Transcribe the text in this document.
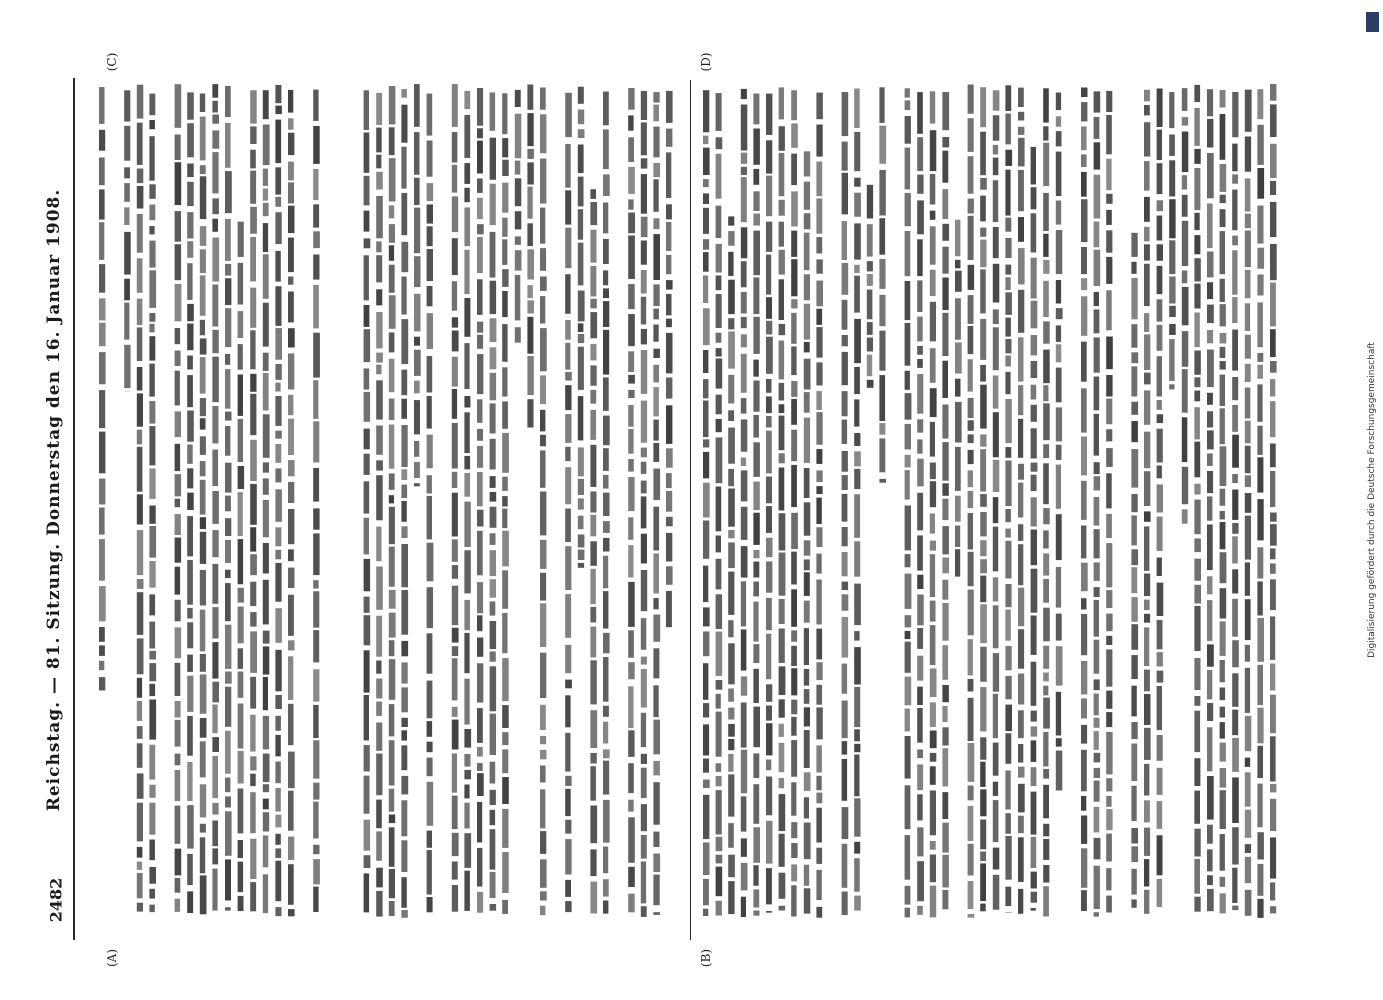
Reichstag. — 81. Sitzung. Donnerstag den 16. Januar 1908.
2482
(A)	(B)
(C)	(D)
Digitalisierung gefördert durch die Deutsche Forschungsgemeinschaft
